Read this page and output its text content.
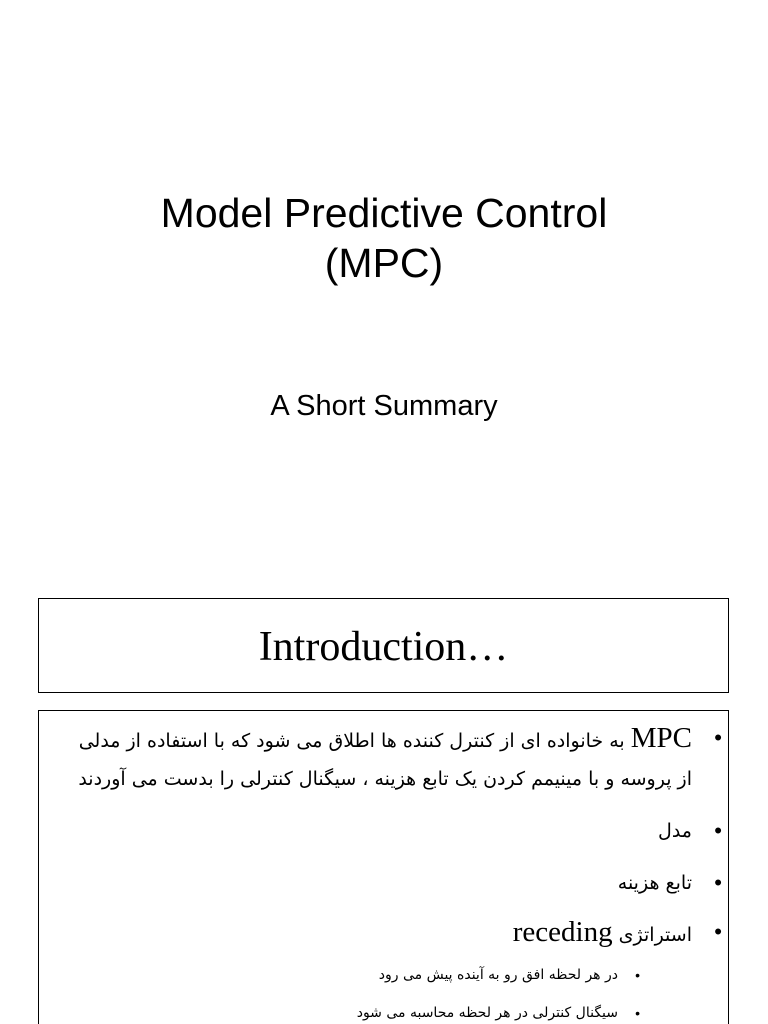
Model Predictive Control
(MPC)
A Short Summary
Introduction…
•
MPC به خانواده ای از کنترل کننده ها اطلاق می شود که با استفاده از مدلی از پروسه و با مینیمم کردن یک تابع هزینه ، سیگنال کنترلی را بدست می آوردند
•
مدل
•
تابع هزینه
•
استراتژی receding
•
در هر لحظه افق رو به آینده پیش می رود
•
سیگنال کنترلی در هر لحظه محاسبه می شود
